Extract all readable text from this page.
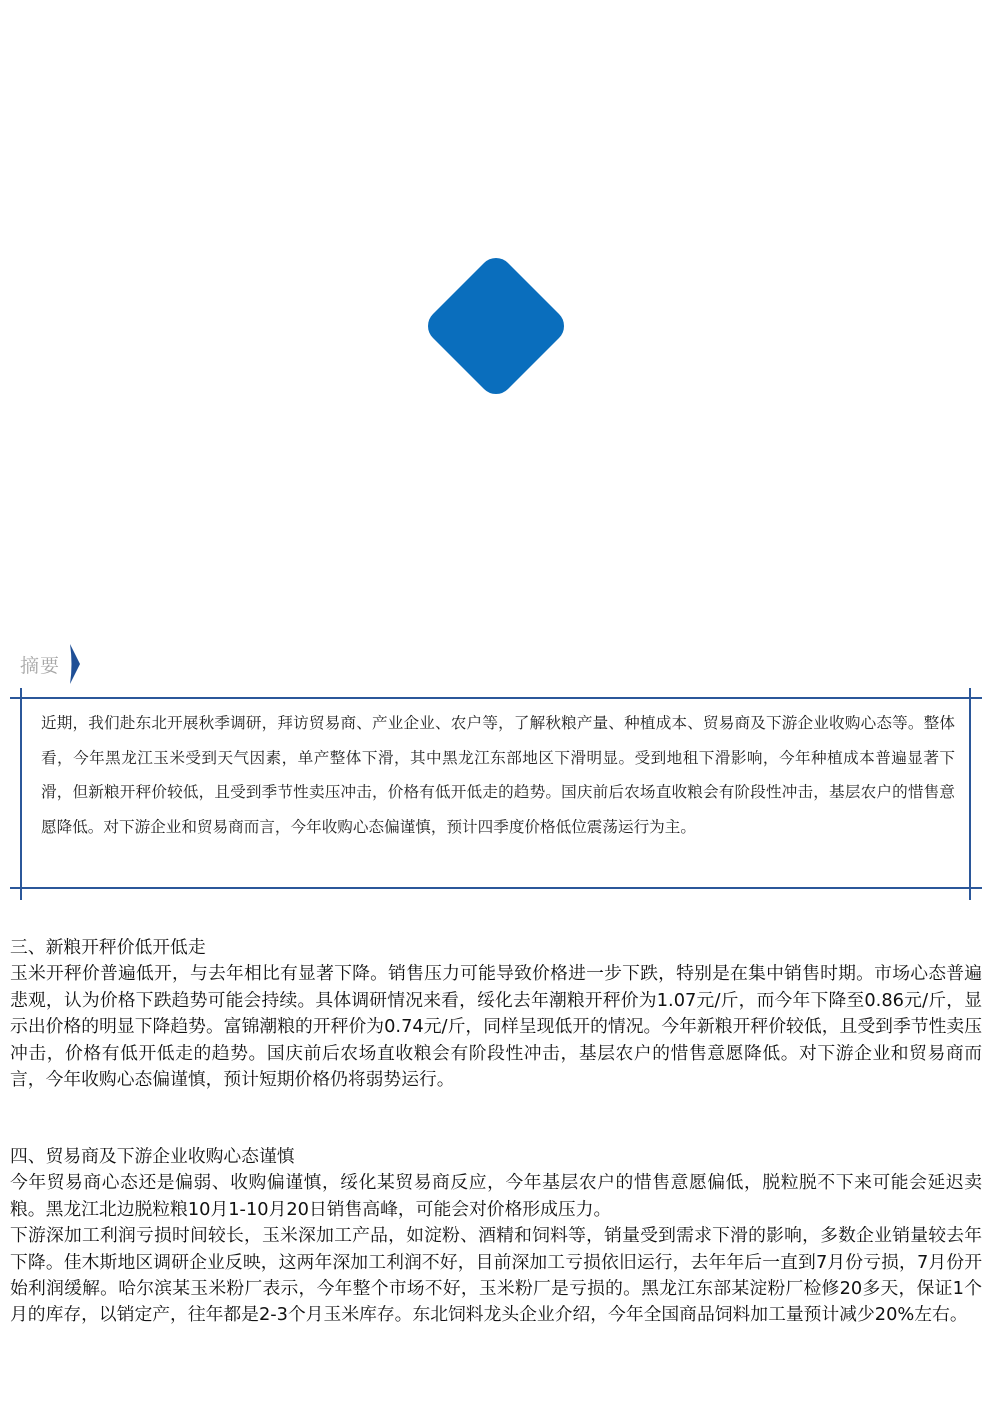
摘要

近期，我们赴东北开展秋季调研，拜访贸易商、产业企业、农户等，了解秋粮产量、种植成本、贸易商及下游企业收购心态等。整体看，今年黑龙江玉米受到天气因素，单产整体下滑，其中黑龙江东部地区下滑明显。受到地租下滑影响，今年种植成本普遍显著下滑，但新粮开秤价较低，且受到季节性卖压冲击，价格有低开低走的趋势。国庆前后农场直收粮会有阶段性冲击，基层农户的惜售意愿降低。对下游企业和贸易商而言，今年收购心态偏谨慎，预计四季度价格低位震荡运行为主。

三、新粮开秤价低开低走

玉米开秤价普遍低开，与去年相比有显著下降。销售压力可能导致价格进一步下跌，特别是在集中销售时期。市场心态普遍悲观，认为价格下跌趋势可能会持续。具体调研情况来看，绥化去年潮粮开秤价为1.07元/斤，而今年下降至0.86元/斤，显示出价格的明显下降趋势。富锦潮粮的开秤价为0.74元/斤，同样呈现低开的情况。今年新粮开秤价较低，且受到季节性卖压冲击，价格有低开低走的趋势。国庆前后农场直收粮会有阶段性冲击，基层农户的惜售意愿降低。对下游企业和贸易商而言，今年收购心态偏谨慎，预计短期价格仍将弱势运行。

四、贸易商及下游企业收购心态谨慎

今年贸易商心态还是偏弱、收购偏谨慎，绥化某贸易商反应，今年基层农户的惜售意愿偏低，脱粒脱不下来可能会延迟卖粮。黑龙江北边脱粒粮10月1-10月20日销售高峰，可能会对价格形成压力。

下游深加工利润亏损时间较长，玉米深加工产品，如淀粉、酒精和饲料等，销量受到需求下滑的影响，多数企业销量较去年下降。佳木斯地区调研企业反映，这两年深加工利润不好，目前深加工亏损依旧运行，去年年后一直到7月份亏损，7月份开始利润缓解。哈尔滨某玉米粉厂表示，今年整个市场不好，玉米粉厂是亏损的。黑龙江东部某淀粉厂检修20多天，保证1个月的库存，以销定产，往年都是2-3个月玉米库存。东北饲料龙头企业介绍，今年全国商品饲料加工量预计减少20%左右。
